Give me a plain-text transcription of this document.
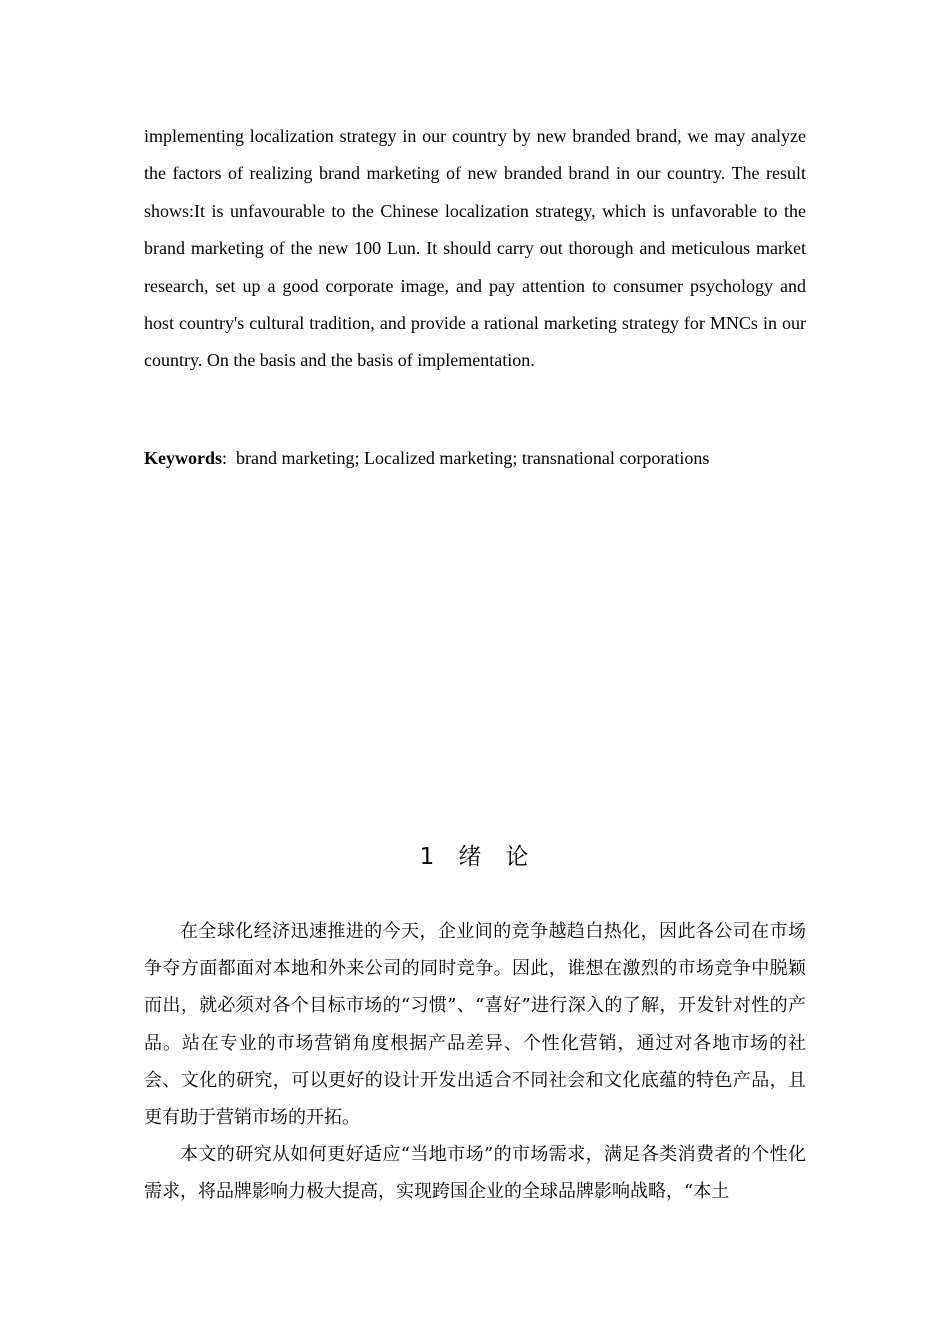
implementing localization strategy in our country by new branded brand, we may analyze the factors of realizing brand marketing of new branded brand in our country. The result shows:It is unfavourable to the Chinese localization strategy, which is unfavorable to the brand marketing of the new 100 Lun. It should carry out thorough and meticulous market research, set up a good corporate image, and pay attention to consumer psychology and host country's cultural tradition, and provide a rational marketing strategy for MNCs in our country. On the basis and the basis of implementation.

Keywords:  brand marketing; Localized marketing; transnational corporations

1 绪 论

在全球化经济迅速推进的今天，企业间的竞争越趋白热化，因此各公司在市场争夺方面都面对本地和外来公司的同时竞争。因此，谁想在激烈的市场竞争中脱颖而出，就必须对各个目标市场的“习惯”、“喜好”进行深入的了解，开发针对性的产品。站在专业的市场营销角度根据产品差异、个性化营销，通过对各地市场的社会、文化的研究，可以更好的设计开发出适合不同社会和文化底蕴的特色产品，且更有助于营销市场的开拓。

本文的研究从如何更好适应“当地市场”的市场需求，满足各类消费者的个性化需求，将品牌影响力极大提高，实现跨国企业的全球品牌影响战略，“本土
